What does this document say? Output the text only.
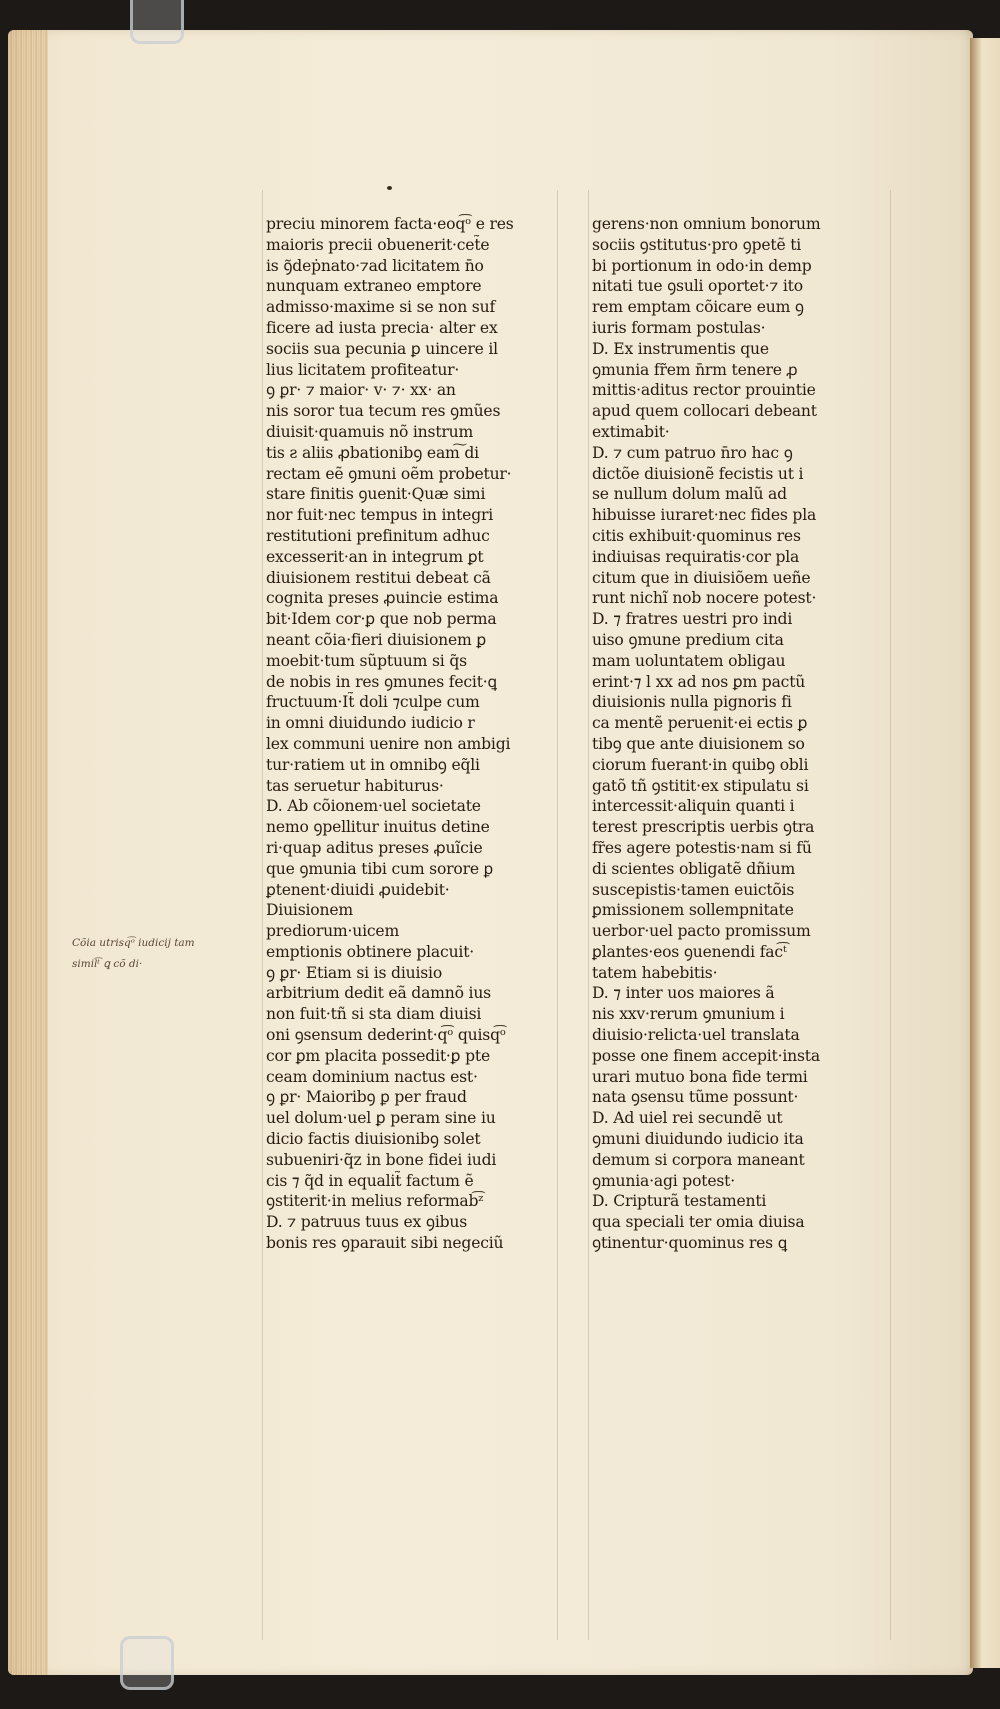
preciu minorem facta·eoq͡ᵒ e res
maioris precii obuenerit·cet̃e
is ꝯ̃deṗnato·⁊ad licitatem n̄o
nunquam extraneo emptore
admisso·maxime si se non suf
ficere ad iusta precia· alter ex
sociis sua pecunia ꝑ uincere il
lius licitatem profiteatur·
ꝯ ꝑr· ⁊ maior· v· ⁊· xx· an
nis soror tua tecum res ꝯmũes
diuisit·quamuis nõ instrum
tis ƨ aliis ꝓbationibꝯ eam͠ di
rectam eẽ ꝯmuni oẽm probetur·
stare finitis ꝯuenit·Quæ simi
nor fuit·nec tempus in integri
restitutioni prefinitum adhuc
excesserit·an in integrum ꝑt
diuisionem restitui debeat cã
cognita preses ꝓuincie estima
bit·Idem cor·ꝑ que nob perma
neant cõia·fieri diuisionem ꝑ
moebit·tum sũptuum si q̃s
de nobis in res ꝯmunes fecit·ꝗ
fructuum·It̃ doli ⁊culpe cum
in omni diuidundo iudicio r
lex communi uenire non ambigi
tur·ratiem ut in omnibꝯ eq̃li
tas seruetur habiturus·
D. Ab cõionem·uel societate
nemo ꝯpellitur inuitus detine
ri·quap aditus preses ꝓuĩcie
que ꝯmunia tibi cum sorore ꝑ
ꝑtenent·diuidi ꝓuidebit·
Diuisionem
prediorum·uicem
emptionis obtinere placuit·
ꝯ ꝑr· Etiam si is diuisio
arbitrium dedit eã damnõ ius
non fuit·tñ si sta diam diuisi
oni ꝯsensum dederint·q͡ᵒ quisq͡ᵒ
cor ꝑm placita possedit·ꝑ pte
ceam dominium nactus est·
ꝯ ꝑr· Maioribꝯ ꝑ per fraud
uel dolum·uel ꝑ peram sine iu
dicio factis diuisionibꝯ solet
subueniri·q̃z in bone fidei iudi
cis ⁊ q̃d in equalit̃ factum ẽ
ꝯstiterit·in melius reformab͡ᶻ
D. ⁊ patruus tuus ex ꝯibus
bonis res ꝯparauit sibi negeciũ
gerens·non omnium bonorum
sociis ꝯstitutus·pro ꝯpetẽ ti
bi portionum in odo·in demp
nitati tue ꝯsuli oportet·⁊ ito
rem emptam cõicare eum ꝯ
iuris formam postulas·
D. Ex instrumentis que
ꝯmunia fr̃em n̄rm tenere ꝓ
mittis·aditus rector prouintie
apud quem collocari debeant
extimabit·
D. ⁊ cum patruo n̄ro hac ꝯ
dictõe diuisionẽ fecistis ut i
se nullum dolum malũ ad
hibuisse iuraret·nec fides pla
citis exhibuit·quominus res
indiuisas requiratis·cor pla
citum que in diuisiõem ueñe
runt nichĩ nob nocere potest·
D. ⁊ fratres uestri pro indi
uiso ꝯmune predium cita
mam uoluntatem obligau
erint·⁊ l xx ad nos ꝑm pactũ
diuisionis nulla pignoris fi
ca mentẽ peruenit·ei ectis ꝑ
tibꝯ que ante diuisionem so
ciorum fuerant·in quibꝯ obli
gatõ tñ ꝯstitit·ex stipulatu si
intercessit·aliquin quanti i
terest prescriptis uerbis ꝯtra
fr̃es agere potestis·nam si fũ
di scientes obligatẽ dñium
suscepistis·tamen euictõis
ꝑmissionem sollempnitate
uerbor·uel pacto promissum
ꝑlantes·eos ꝯuenendi fac͡ᵗ
tatem habebitis·
D. ⁊ inter uos maiores ã
nis xxv·rerum ꝯmunium i
diuisio·relicta·uel translata
posse one finem accepit·insta
urari mutuo bona fide termi
nata ꝯsensu tũme possunt·
D. Ad uiel rei secundẽ ut
ꝯmuni diuidundo iudicio ita
demum si corpora maneant
ꝯmunia·agi potest·
D. Cripturã testamenti
qua speciali ter omia diuisa
ꝯtinentur·quominus res ꝗ
Cõia utrisq͡ᵒ iudicij tam
simil͡ᵗ ꝗ cõ di·
